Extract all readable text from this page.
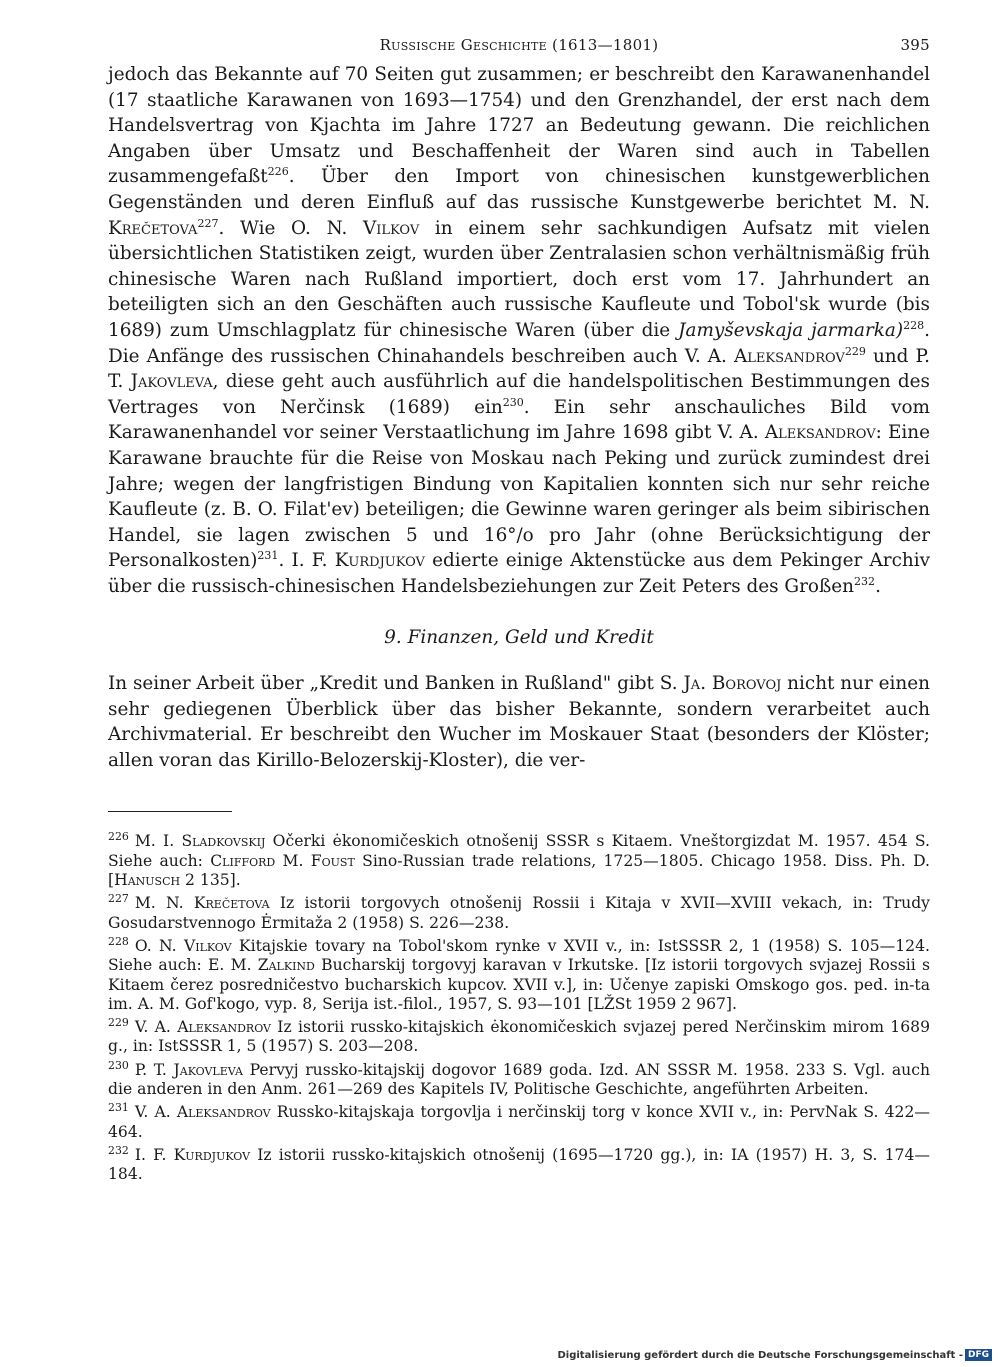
Russische Geschichte (1613—1801)	395

jedoch das Bekannte auf 70 Seiten gut zusammen; er beschreibt den Karawanenhandel (17 staatliche Karawanen von 1693—1754) und den Grenzhandel, der erst nach dem Handelsvertrag von Kjachta im Jahre 1727 an Bedeutung gewann. Die reichlichen Angaben über Umsatz und Beschaffenheit der Waren sind auch in Tabellen zusammengefaßt$^{226}$. Über den Import von chinesischen kunstgewerblichen Gegenständen und deren Einfluß auf das russische Kunstgewerbe berichtet M. N. Krečetova$^{227}$. Wie O. N. Vilkov in einem sehr sachkundigen Aufsatz mit vielen übersichtlichen Statistiken zeigt, wurden über Zentralasien schon verhältnismäßig früh chinesische Waren nach Rußland importiert, doch erst vom 17. Jahrhundert an beteiligten sich an den Geschäften auch russische Kaufleute und Tobol'sk wurde (bis 1689) zum Umschlagplatz für chinesische Waren (über die Jamyševskaja jarmarka)$^{228}$. Die Anfänge des russischen Chinahandels beschreiben auch V. A. Aleksandrov$^{229}$ und P. T. Jakovleva, diese geht auch ausführlich auf die handelspolitischen Bestimmungen des Vertrages von Nerčinsk (1689) ein$^{230}$. Ein sehr anschauliches Bild vom Karawanenhandel vor seiner Verstaatlichung im Jahre 1698 gibt V. A. Aleksandrov: Eine Karawane brauchte für die Reise von Moskau nach Peking und zurück zumindest drei Jahre; wegen der langfristigen Bindung von Kapitalien konnten sich nur sehr reiche Kaufleute (z. B. O. Filat'ev) beteiligen; die Gewinne waren geringer als beim sibirischen Handel, sie lagen zwischen 5 und 16°/o pro Jahr (ohne Berücksichtigung der Personalkosten)$^{231}$. I. F. Kurdjukov edierte einige Aktenstücke aus dem Pekinger Archiv über die russisch-chinesischen Handelsbeziehungen zur Zeit Peters des Großen$^{232}$.

9. Finanzen, Geld und Kredit

In seiner Arbeit über „Kredit und Banken in Rußland" gibt S. Ja. Borovoj nicht nur einen sehr gediegenen Überblick über das bisher Bekannte, sondern verarbeitet auch Archivmaterial. Er beschreibt den Wucher im Moskauer Staat (besonders der Klöster; allen voran das Kirillo-Belozerskij-Kloster), die ver-

$^{226}$ M. I. Sladkovskij Očerki ėkonomičeskich otnošenij SSSR s Kitaem. Vneštorgizdat M. 1957. 454 S. Siehe auch: Clifford M. Foust Sino-Russian trade relations, 1725—1805. Chicago 1958. Diss. Ph. D. [Hanusch 2 135].

$^{227}$ M. N. Krečetova Iz istorii torgovych otnošenij Rossii i Kitaja v XVII—XVIII vekach, in: Trudy Gosudarstvennogo Ėrmitaža 2 (1958) S. 226—238.

$^{228}$ O. N. Vilkov Kitajskie tovary na Tobol'skom rynke v XVII v., in: IstSSSR 2, 1 (1958) S. 105—124. Siehe auch: E. M. Zalkind Bucharskij torgovyj karavan v Irkutske. [Iz istorii torgovych svjazej Rossii s Kitaem čerez posredničestvo bucharskich kupcov. XVII v.], in: Učenye zapiski Omskogo gos. ped. in-ta im. A. M. Gof'kogo, vyp. 8, Serija ist.-filol., 1957, S. 93—101 [LŽSt 1959 2 967].

$^{229}$ V. A. Aleksandrov Iz istorii russko-kitajskich ėkonomičeskich svjazej pered Nerčinskim mirom 1689 g., in: IstSSSR 1, 5 (1957) S. 203—208.

$^{230}$ P. T. Jakovleva Pervyj russko-kitajskij dogovor 1689 goda. Izd. AN SSSR M. 1958. 233 S. Vgl. auch die anderen in den Anm. 261—269 des Kapitels IV, Politische Geschichte, angeführten Arbeiten.

$^{231}$ V. A. Aleksandrov Russko-kitajskaja torgovlja i nerčinskij torg v konce XVII v., in: PervNak S. 422—464.

$^{232}$ I. F. Kurdjukov Iz istorii russko-kitajskich otnošenij (1695—1720 gg.), in: IA (1957) H. 3, S. 174—184.

Digitalisierung gefördert durch die Deutsche Forschungsgemeinschaft - DFG
